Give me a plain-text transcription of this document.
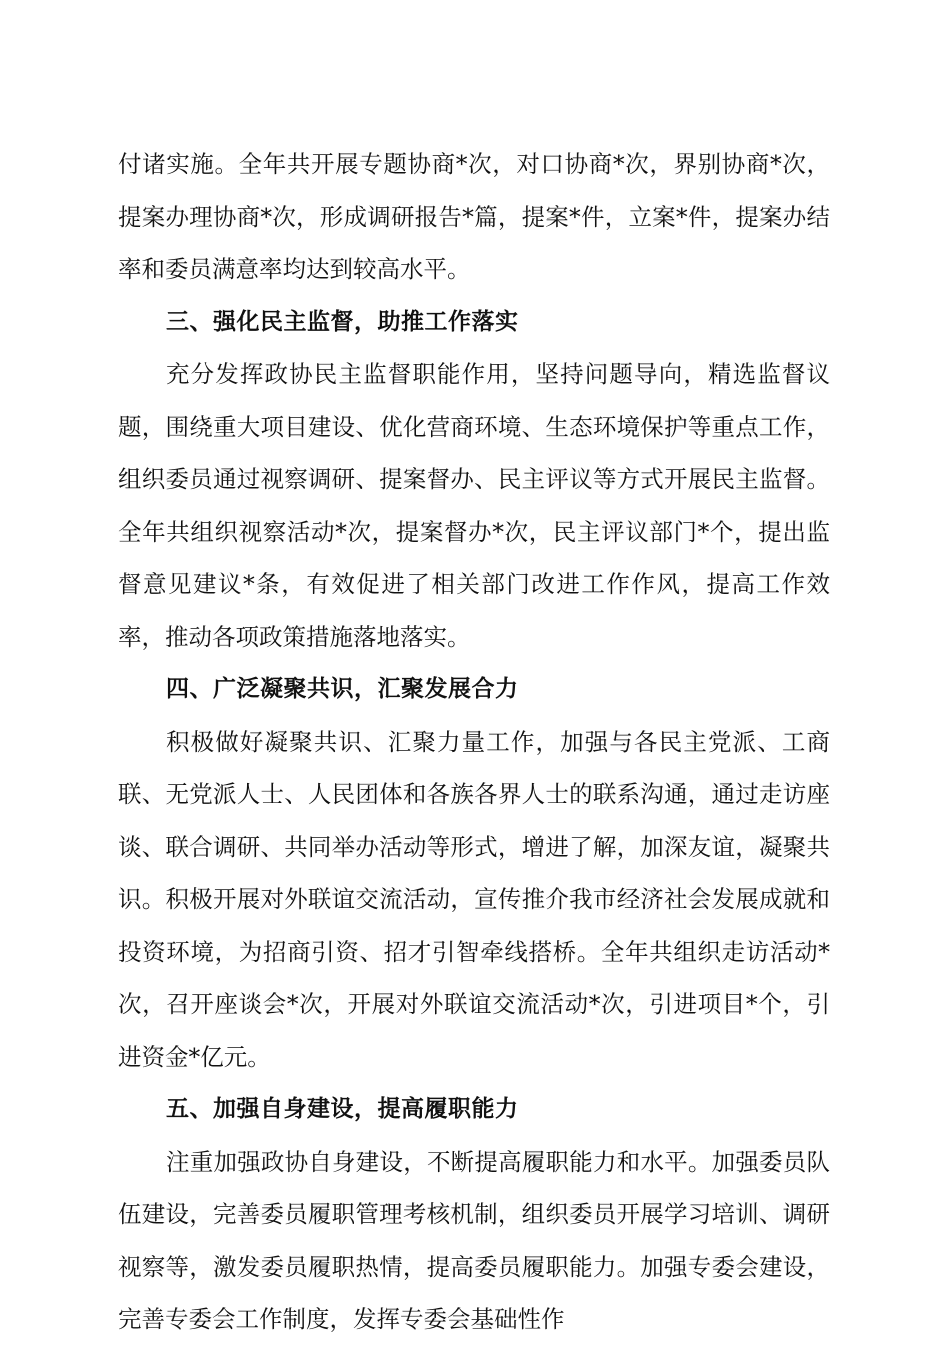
付诸实施。全年共开展专题协商*次，对口协商*次，界别协商*次，提案办理协商*次，形成调研报告*篇，提案*件，立案*件，提案办结率和委员满意率均达到较高水平。

三、强化民主监督，助推工作落实

充分发挥政协民主监督职能作用，坚持问题导向，精选监督议题，围绕重大项目建设、优化营商环境、生态环境保护等重点工作，组织委员通过视察调研、提案督办、民主评议等方式开展民主监督。全年共组织视察活动*次，提案督办*次，民主评议部门*个，提出监督意见建议*条，有效促进了相关部门改进工作作风，提高工作效率，推动各项政策措施落地落实。

四、广泛凝聚共识，汇聚发展合力

积极做好凝聚共识、汇聚力量工作，加强与各民主党派、工商联、无党派人士、人民团体和各族各界人士的联系沟通，通过走访座谈、联合调研、共同举办活动等形式，增进了解，加深友谊，凝聚共识。积极开展对外联谊交流活动，宣传推介我市经济社会发展成就和投资环境，为招商引资、招才引智牵线搭桥。全年共组织走访活动*次，召开座谈会*次，开展对外联谊交流活动*次，引进项目*个，引进资金*亿元。

五、加强自身建设，提高履职能力

注重加强政协自身建设，不断提高履职能力和水平。加强委员队伍建设，完善委员履职管理考核机制，组织委员开展学习培训、调研视察等，激发委员履职热情，提高委员履职能力。加强专委会建设，完善专委会工作制度，发挥专委会基础性作
